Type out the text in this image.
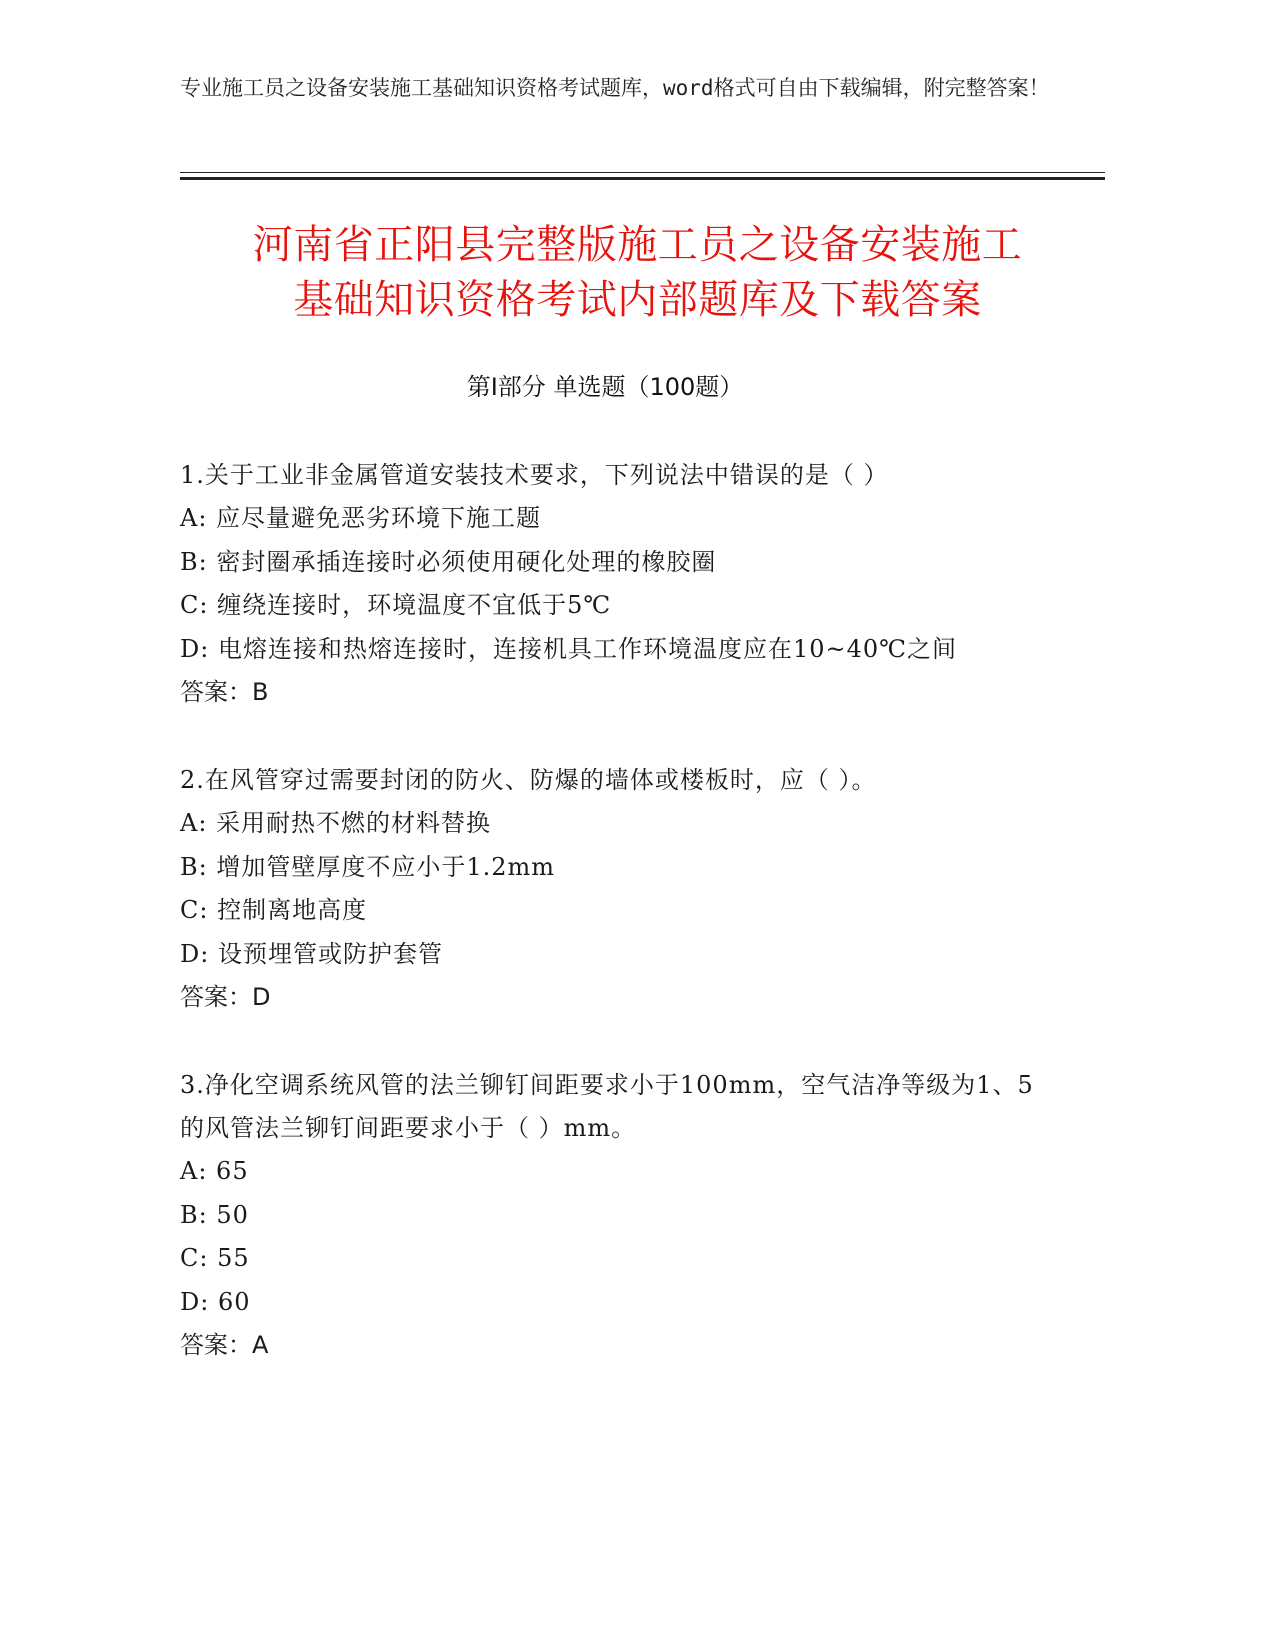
专业施工员之设备安装施工基础知识资格考试题库，word格式可自由下载编辑，附完整答案！
河南省正阳县完整版施工员之设备安装施工
基础知识资格考试内部题库及下载答案
第Ⅰ部分 单选题（100题）

1.关于工业非金属管道安装技术要求，下列说法中错误的是（ ）

A: 应尽量避免恶劣环境下施工题

B: 密封圈承插连接时必须使用硬化处理的橡胶圈

C: 缠绕连接时，环境温度不宜低于5℃

D: 电熔连接和热熔连接时，连接机具工作环境温度应在10~40℃之间

答案：B

2.在风管穿过需要封闭的防火、防爆的墙体或楼板时，应（ ）。

A: 采用耐热不燃的材料替换

B: 增加管壁厚度不应小于1.2mm

C: 控制离地高度

D: 设预埋管或防护套管

答案：D

3.净化空调系统风管的法兰铆钉间距要求小于100mm，空气洁净等级为1、5的风管法兰铆钉间距要求小于（ ）mm。

A: 65

B: 50

C: 55

D: 60

答案：A
